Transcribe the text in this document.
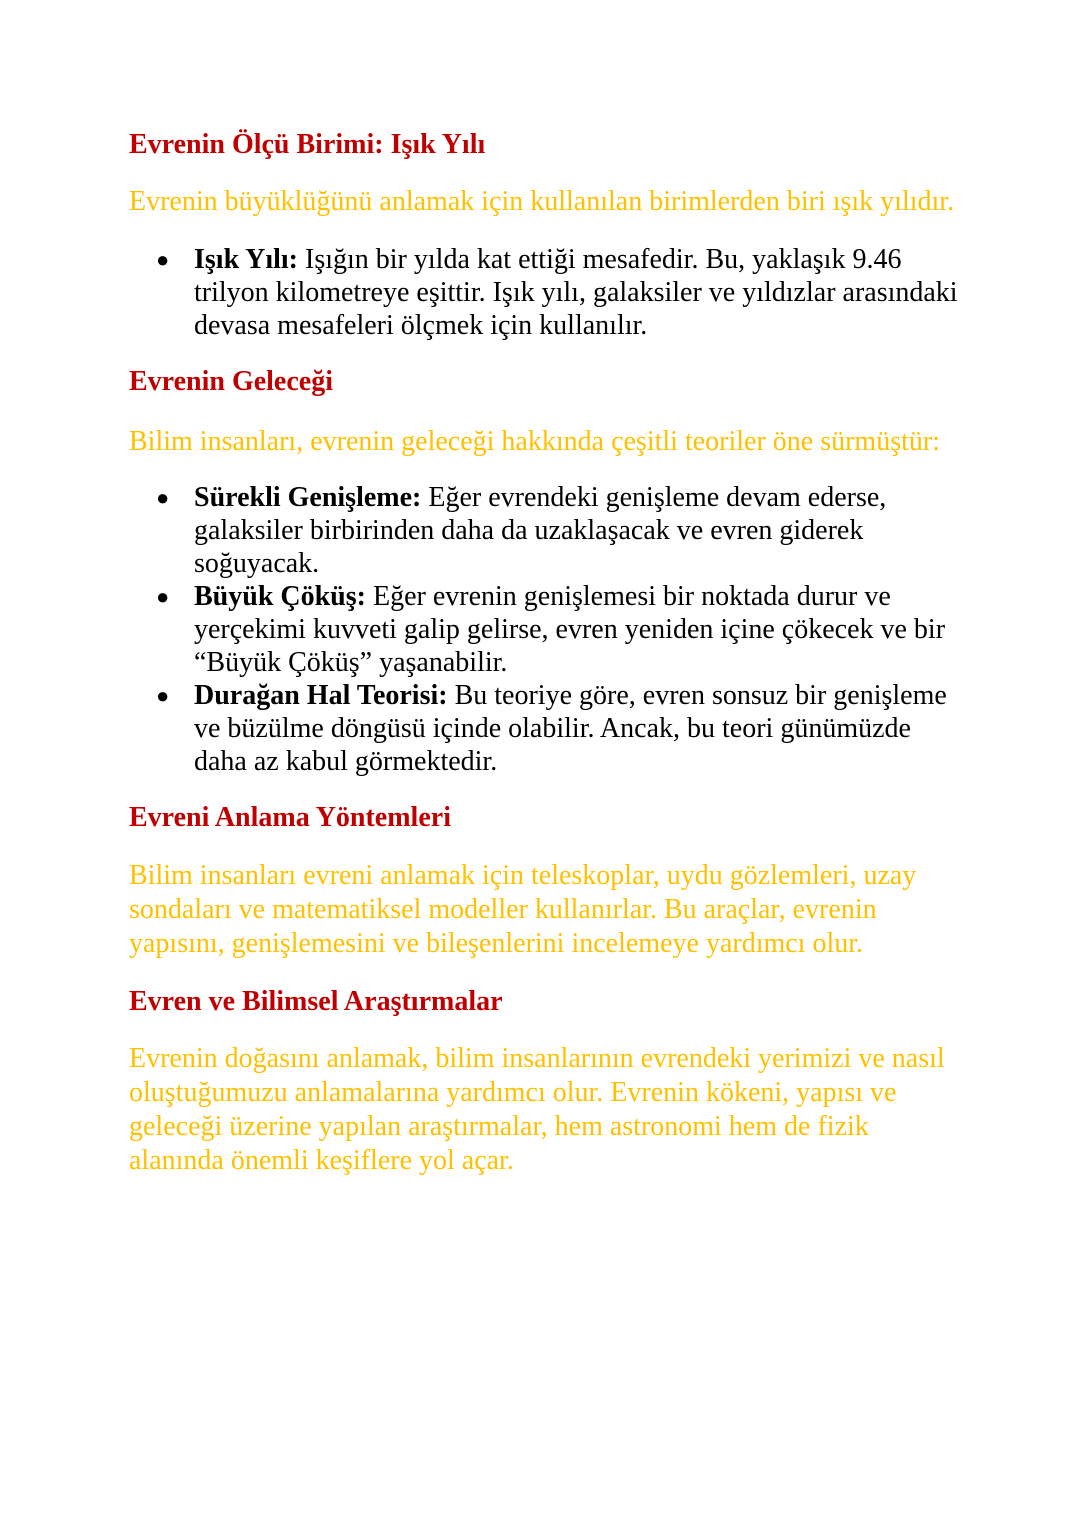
Evrenin Ölçü Birimi: Işık Yılı

Evrenin büyüklüğünü anlamak için kullanılan birimlerden biri ışık yılıdır.

● Işık Yılı: Işığın bir yılda kat ettiği mesafedir. Bu, yaklaşık 9.46 trilyon kilometreye eşittir. Işık yılı, galaksiler ve yıldızlar arasındaki devasa mesafeleri ölçmek için kullanılır.
Evrenin Geleceği

Bilim insanları, evrenin geleceği hakkında çeşitli teoriler öne sürmüştür:

● Sürekli Genişleme: Eğer evrendeki genişleme devam ederse, galaksiler birbirinden daha da uzaklaşacak ve evren giderek soğuyacak.
● Büyük Çöküş: Eğer evrenin genişlemesi bir noktada durur ve yerçekimi kuvveti galip gelirse, evren yeniden içine çökecek ve bir “Büyük Çöküş” yaşanabilir.
● Durağan Hal Teorisi: Bu teoriye göre, evren sonsuz bir genişleme ve büzülme döngüsü içinde olabilir. Ancak, bu teori günümüzde daha az kabul görmektedir.
Evreni Anlama Yöntemleri

Bilim insanları evreni anlamak için teleskoplar, uydu gözlemleri, uzay sondaları ve matematiksel modeller kullanırlar. Bu araçlar, evrenin yapısını, genişlemesini ve bileşenlerini incelemeye yardımcı olur.

Evren ve Bilimsel Araştırmalar

Evrenin doğasını anlamak, bilim insanlarının evrendeki yerimizi ve nasıl oluştuğumuzu anlamalarına yardımcı olur. Evrenin kökeni, yapısı ve geleceği üzerine yapılan araştırmalar, hem astronomi hem de fizik alanında önemli keşiflere yol açar.
